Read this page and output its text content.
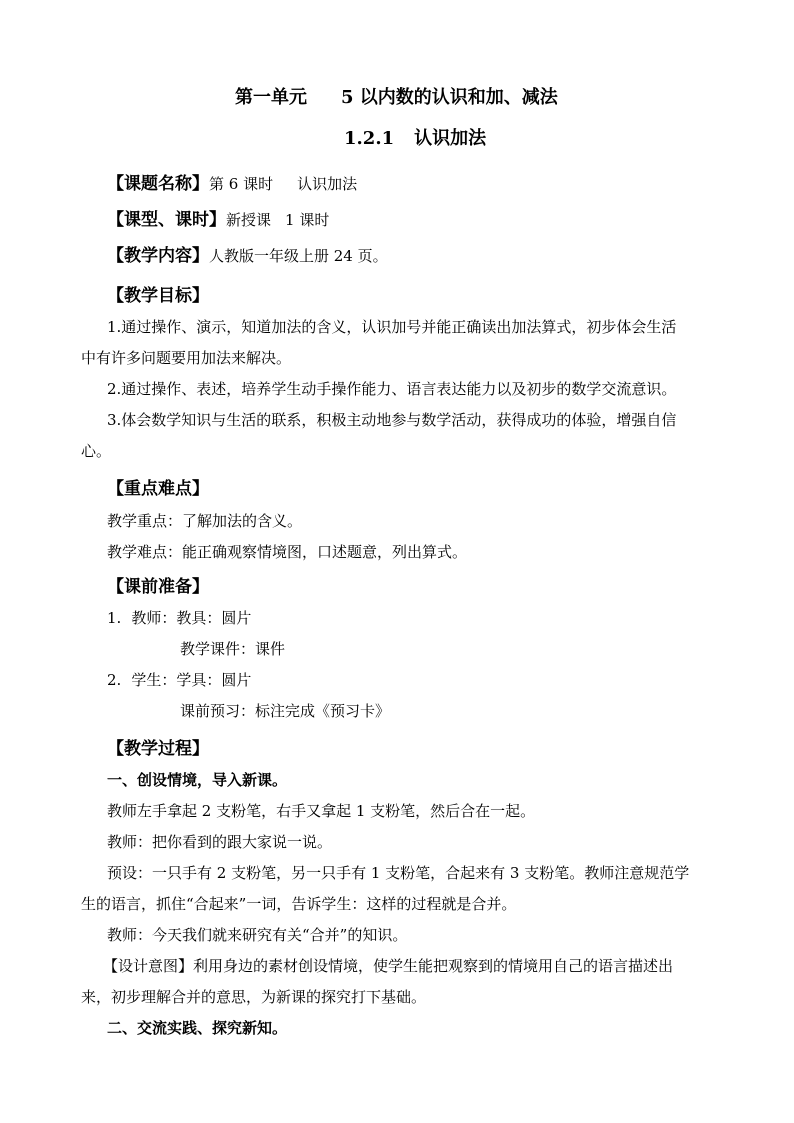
第一单元 5 以内数的认识和加、减法
1.2.1 认识加法
【课题名称】第 6 课时 认识加法
【课型、课时】新授课 1 课时
【教学内容】人教版一年级上册 24 页。
【教学目标】
1.通过操作、演示，知道加法的含义，认识加号并能正确读出加法算式，初步体会生活
中有许多问题要用加法来解决。
2.通过操作、表述，培养学生动手操作能力、语言表达能力以及初步的数学交流意识。
3.体会数学知识与生活的联系，积极主动地参与数学活动，获得成功的体验，增强自信
心。
【重点难点】
教学重点：了解加法的含义。
教学难点：能正确观察情境图，口述题意，列出算式。
【课前准备】
1. 教师：教具：圆片
教学课件：课件
2. 学生：学具：圆片
课前预习：标注完成《预习卡》
【教学过程】
一、创设情境，导入新课。
教师左手拿起 2 支粉笔，右手又拿起 1 支粉笔，然后合在一起。
教师：把你看到的跟大家说一说。
预设：一只手有 2 支粉笔，另一只手有 1 支粉笔，合起来有 3 支粉笔。教师注意规范学
生的语言，抓住“合起来”一词，告诉学生：这样的过程就是合并。
教师：今天我们就来研究有关“合并”的知识。
【设计意图】利用身边的素材创设情境，使学生能把观察到的情境用自己的语言描述出
来，初步理解合并的意思，为新课的探究打下基础。
二、交流实践、探究新知。
